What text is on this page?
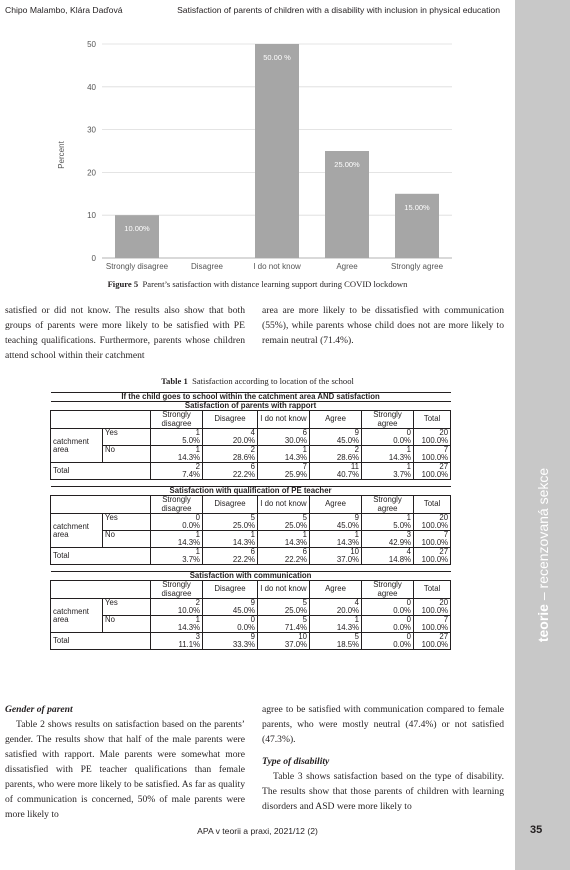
Chipo Malambo, Klára Daďová	Satisfaction of parents of children with a disability with inclusion in physical education
0
10
20
30
40
50
10.00%
Strongly disagree	Disagree
50.00 %
I do not know
25.00%
Agree
15.00%
Strongly agree
Percent
Figure 5 Parent’s satisfaction with distance learning support during COVID lockdown

satisfied or did not know. The results also show that both groups of parents were more likely to be satisfied with PE teaching qualifications. Furthermore, parents whose children attend school within their catchment

area are more likely to be dissatisfied with communication (55%), while parents whose child does not are more likely to remain neutral (71.4%).

Table 1 Satisfaction according to location of the school
If the child goes to school within the catchment area AND satisfaction							
Satisfaction of parents with rapport							
		Strongly disagree	Disagree	I do not know	Agree	Strongly agree	Total
catchment area	Yes	1	4	6	9	0	20
		5.0%	20.0%	30.0%	45.0%	0.0%	100.0%
	No	1	2	1	2	1	7
		14.3%	28.6%	14.3%	28.6%	14.3%	100.0%
Total		2	6	7	11	1	27
		7.4%	22.2%	25.9%	40.7%	3.7%	100.0%

Satisfaction with qualification of PE teacher							
		Strongly disagree	Disagree	I do not know	Agree	Strongly agree	Total
catchment area	Yes	0	5	5	9	1	20
		0.0%	25.0%	25.0%	45.0%	5.0%	100.0%
	No	1	1	1	1	3	7
		14.3%	14.3%	14.3%	14.3%	42.9%	100.0%
Total		1	6	6	10	4	27
		3.7%	22.2%	22.2%	37.0%	14.8%	100.0%

Satisfaction with communication							
		Strongly disagree	Disagree	I do not know	Agree	Strongly agree	Total
catchment area	Yes	2	9	5	4	0	20
		10.0%	45.0%	25.0%	20.0%	0.0%	100.0%
	No	1	0	5	1	0	7
		14.3%	0.0%	71.4%	14.3%	0.0%	100.0%
Total		3	9	10	5	0	27
		11.1%	33.3%	37.0%	18.5%	0.0%	100.0%

Gender of parent

Table 2 shows results on satisfaction based on the parents’ gender. The results show that half of the male parents were satisfied with rapport. Male parents were somewhat more dissatisfied with PE teacher qualifications than female parents, who were more likely to be satisfied. As far as quality of communication is concerned, 50% of male parents were more likely to

agree to be satisfied with communication compared to female parents, who were mostly neutral (47.4%) or not satisfied (47.3%).

Type of disability

Table 3 shows satisfaction based on the type of disability. The results show that those parents of children with learning disorders and ASD were more likely to

APA v teorii a praxi, 2021/12 (2)
teorie – recenzovaná sekce
35
